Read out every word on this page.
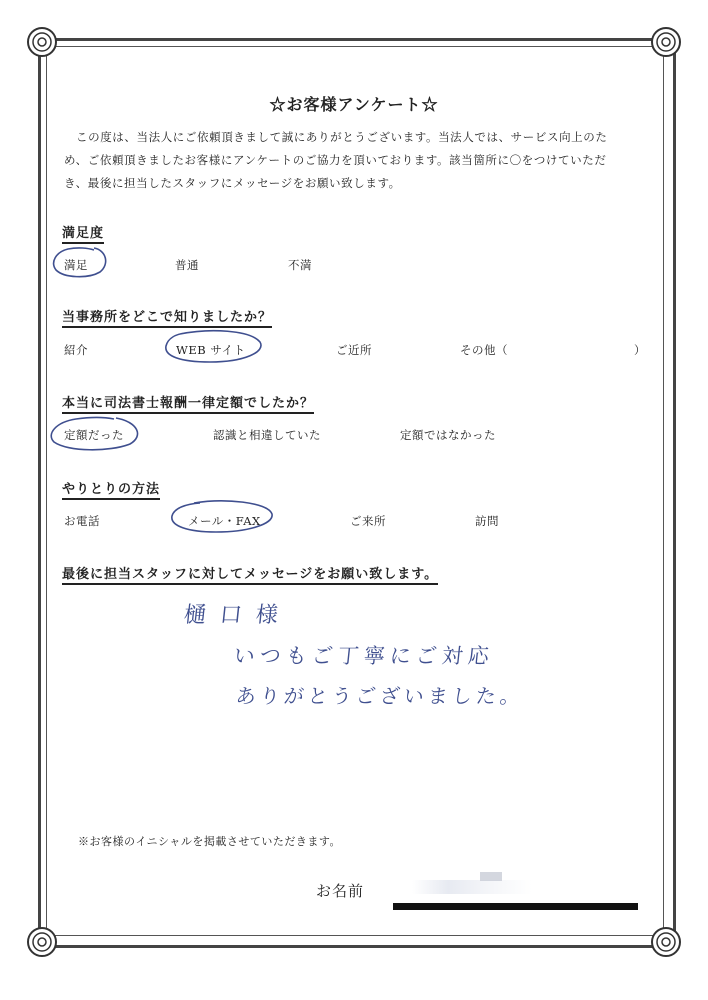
☆お客様アンケート☆
この度は、当法人にご依頼頂きまして誠にありがとうございます。当法人では、サービス向上のた
め、ご依頼頂きましたお客様にアンケートのご協力を頂いております。該当箇所に〇をつけていただ
き、最後に担当したスタッフにメッセージをお願い致します。
満足度
満足	普通	不満
当事務所をどこで知りましたか？
紹介	WEB サイト	ご近所	その他（	）
本当に司法書士報酬一律定額でしたか？
定額だった	認識と相違していた	定額ではなかった
やりとりの方法
お電話	メール・FAX	ご来所	訪問
最後に担当スタッフに対してメッセージをお願い致します。
樋口様
いつもご丁寧にご対応
ありがとうございました。
※お客様のイニシャルを掲載させていただきます。
お名前
